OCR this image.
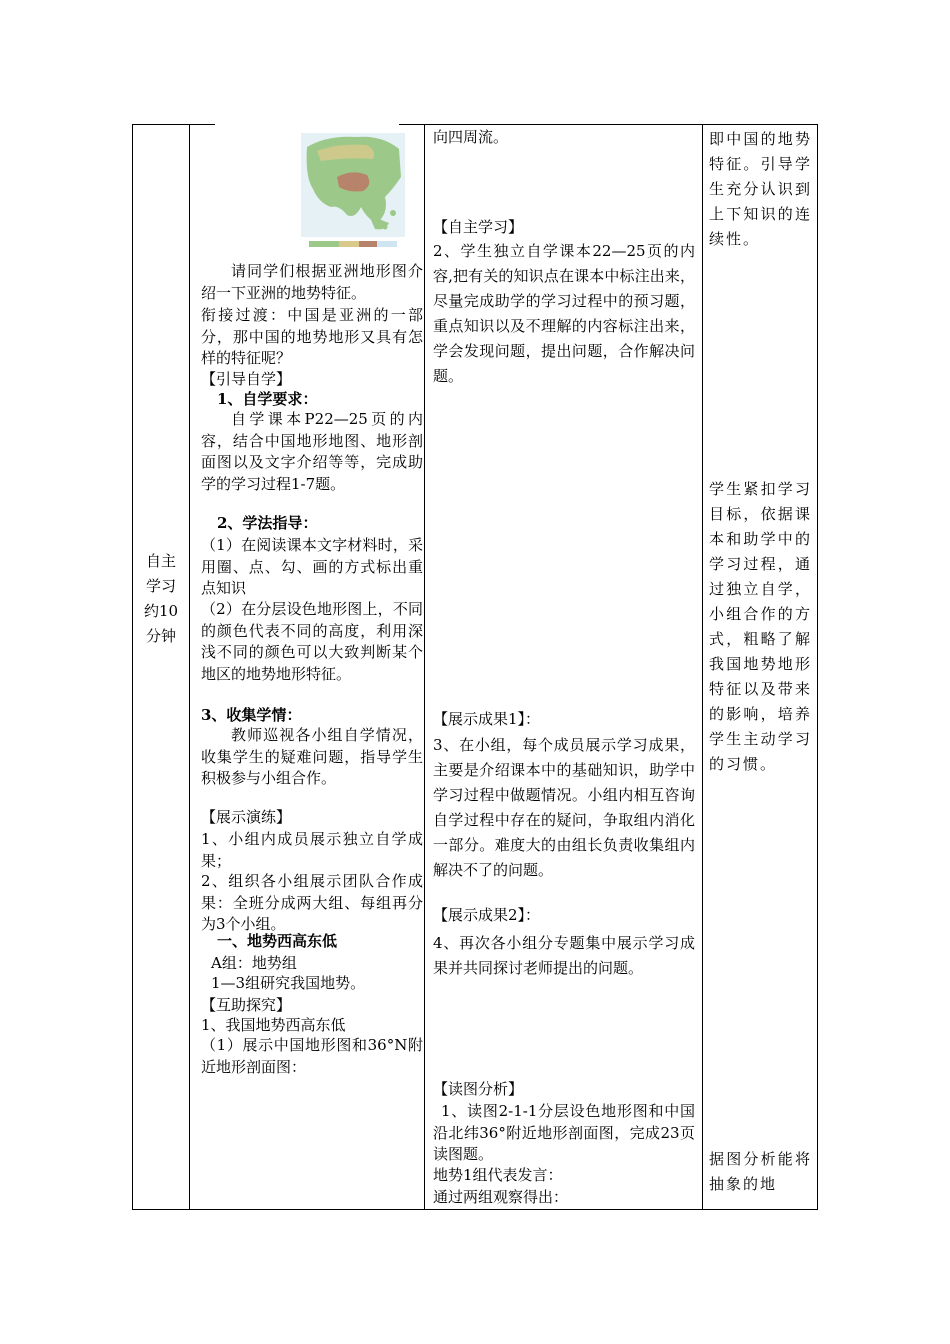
自主学习约10分钟

请同学们根据亚洲地形图介绍一下亚洲的地势特征。

衔接过渡：中国是亚洲的一部分，那中国的地势地形又具有怎样的特征呢？

【引导自学】

1、自学要求：

自学课本P22—25页的内容，结合中国地形地图、地形剖面图以及文字介绍等等，完成助学的学习过程1-7题。

2、学法指导：

（1）在阅读课本文字材料时，采用圈、点、勾、画的方式标出重点知识

（2）在分层设色地形图上，不同的颜色代表不同的高度，利用深浅不同的颜色可以大致判断某个地区的地势地形特征。

3、收集学情：

教师巡视各小组自学情况，收集学生的疑难问题，指导学生积极参与小组合作。

【展示演练】

1、小组内成员展示独立自学成果；

2、组织各小组展示团队合作成果：全班分成两大组、每组再分为3个小组。

一、地势西高东低

A组：地势组

1—3组研究我国地势。

【互助探究】

1、我国地势西高东低

（1）展示中国地形图和36°N附近地形剖面图：

向四周流。

【自主学习】

2、学生独立自学课本22—25页的内容,把有关的知识点在课本中标注出来，尽量完成助学的学习过程中的预习题，重点知识以及不理解的内容标注出来，学会发现问题，提出问题，合作解决问题。

【展示成果1】：

3、在小组，每个成员展示学习成果，主要是介绍课本中的基础知识，助学中学习过程中做题情况。小组内相互咨询自学过程中存在的疑问，争取组内消化一部分。难度大的由组长负责收集组内解决不了的问题。

【展示成果2】：

4、再次各小组分专题集中展示学习成果并共同探讨老师提出的问题。

【读图分析】

1、读图2-1-1分层设色地形图和中国沿北纬36°附近地形剖面图，完成23页读图题。

地势1组代表发言：

通过两组观察得出：

即中国的地势特征。引导学生充分认识到上下知识的连续性。

学生紧扣学习目标，依据课本和助学中的学习过程，通过独立自学，小组合作的方式，粗略了解我国地势地形特征以及带来的影响，培养学生主动学习的习惯。

据图分析能将抽象的地
